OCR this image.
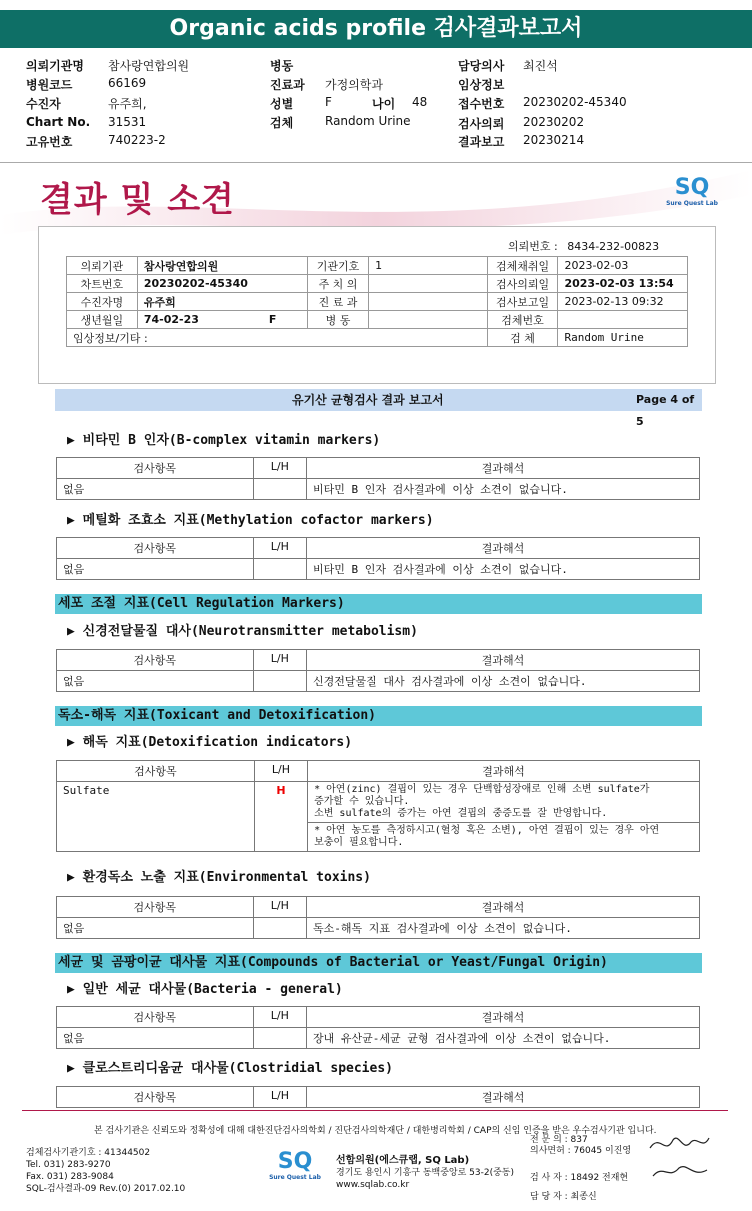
Organic acids profile 검사결과보고서
의뢰기관명 참사랑연합의원
병원코드	66169
수진자	유주희,
Chart No. 31531
고유번호	740223-2
병동
진료과 가정의학과
성별	F
검체	Random Urine
담당의사 최진석
임상정보
접수번호 20230202-45340
검사의뢰 20230202
결과보고 20230214
나이 48
결과 및 소견	SQ
Sure Quest Lab
의뢰번호 : 8434-232-00823
의뢰기관	참사랑연합의원	기관기호	1	검체채취일	2023-02-03
차트번호	20230202-45340	주 치 의		검사의뢰일	2023-02-03 13:54
수진자명	유주희	진 료 과		검사보고일	2023-02-13 09:32
생년월일	74-02-23 F	병 동		검체번호	
임상정보/기타 :				검 체	Random Urine
유기산 균형검사 결과 보고서	Page 4 of 5
▶ 비타민 B 인자(B-complex vitamin markers)
검사항목	L/H	결과해석
없음		비타민 B 인자 검사결과에 이상 소견이 없습니다.
▶ 메틸화 조효소 지표(Methylation cofactor markers)
검사항목	L/H	결과해석
없음		비타민 B 인자 검사결과에 이상 소견이 없습니다.
세포 조절 지표(Cell Regulation Markers)
▶ 신경전달물질 대사(Neurotransmitter metabolism)
검사항목	L/H	결과해석
없음		신경전달물질 대사 검사결과에 이상 소견이 없습니다.
독소-해독 지표(Toxicant and Detoxification)
▶ 해독 지표(Detoxification indicators)
검사항목	L/H	결과해석
Sulfate	H	* 아연(zinc) 결핍이 있는 경우 단백합성장애로 인해 소변 sulfate가
증가할 수 있습니다.
소변 sulfate의 증가는 아연 결핍의 중증도를 잘 반영합니다.

		* 아연 농도를 측정하시고(혈청 혹은 소변), 아연 결핍이 있는 경우 아연
보충이 필요합니다.
▶ 환경독소 노출 지표(Environmental toxins)
검사항목	L/H	결과해석
없음		독소-해독 지표 검사결과에 이상 소견이 없습니다.
세균 및 곰팡이균 대사물 지표(Compounds of Bacterial or Yeast/Fungal Origin)
▶ 일반 세균 대사물(Bacteria - general)
검사항목	L/H	결과해석
없음		장내 유산균-세균 균형 검사결과에 이상 소견이 없습니다.
▶ 클로스트리디움균 대사물(Clostridial species)
검사항목	L/H	결과해석
본 검사기관은 신뢰도와 정확성에 대해 대한진단검사의학회 / 진단검사의학재단 / 대한병리학회 / CAP의 신임 인증을 받은 우수검사기관 입니다.
검체검사기관기호 : 41344502
Tel. 031) 283-9270
Fax. 031) 283-9084
SQL-검사결과-09 Rev.(0) 2017.02.10
SQ
Sure Quest Lab
선함의원(에스큐랩, SQ Lab)
경기도 용인시 기흥구 동백중앙로 53-2(중동)
www.sqlab.co.kr
전 문 의 : 837
의사면허 : 76045 이진영
검 사 자 : 18492 전재현
담 당 자 : 최종신
